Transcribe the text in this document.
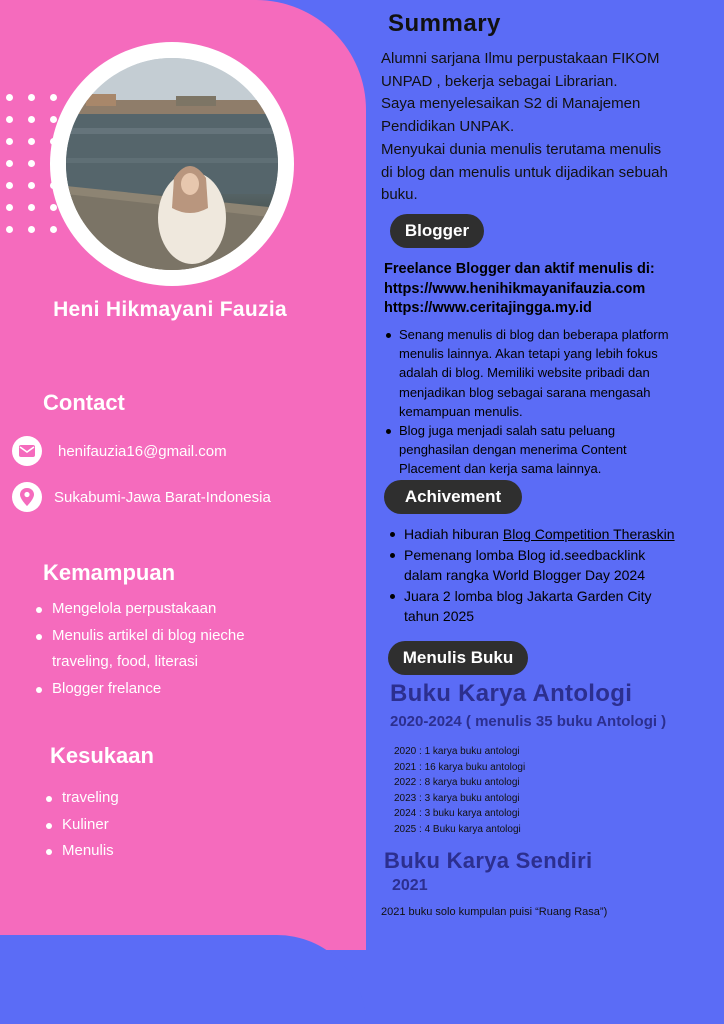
Heni Hikmayani Fauzia
Contact
henifauzia16@gmail.com
Sukabumi-Jawa Barat-Indonesia
Kemampuan
Mengelola perpustakaan
Menulis artikel di blog nieche
traveling, food, literasi
Blogger frelance
Kesukaan
traveling
Kuliner
Menulis
Summary
Alumni sarjana Ilmu perpustakaan FIKOM
UNPAD , bekerja sebagai Librarian.
Saya menyelesaikan S2 di Manajemen
Pendidikan UNPAK.
Menyukai dunia menulis terutama menulis
di blog dan menulis untuk dijadikan sebuah
buku.
Blogger
Freelance Blogger dan aktif menulis di:
https://www.henihikmayanifauzia.com
https://www.ceritajingga.my.id
Senang menulis di blog dan beberapa platform
menulis lainnya. Akan tetapi yang lebih fokus
adalah di blog. Memiliki website pribadi dan
menjadikan blog sebagai sarana mengasah
kemampuan menulis.
Blog juga menjadi salah satu peluang
penghasilan dengan menerima Content
Placement dan kerja sama lainnya.
Achivement
Hadiah hiburan Blog Competition Theraskin
Pemenang lomba Blog id.seedbacklink
dalam rangka World Blogger Day 2024
Juara 2 lomba blog Jakarta Garden City
tahun 2025
Menulis Buku
Buku Karya Antologi
2020-2024 ( menulis 35 buku Antologi )
2020 : 1 karya buku antologi
2021 : 16 karya buku antologi
2022 : 8 karya buku antologi
2023 : 3 karya buku antologi
2024 : 3 buku karya antologi
2025 : 4 Buku karya antologi
Buku Karya Sendiri
2021
2021 buku solo kumpulan puisi “Ruang Rasa”)
